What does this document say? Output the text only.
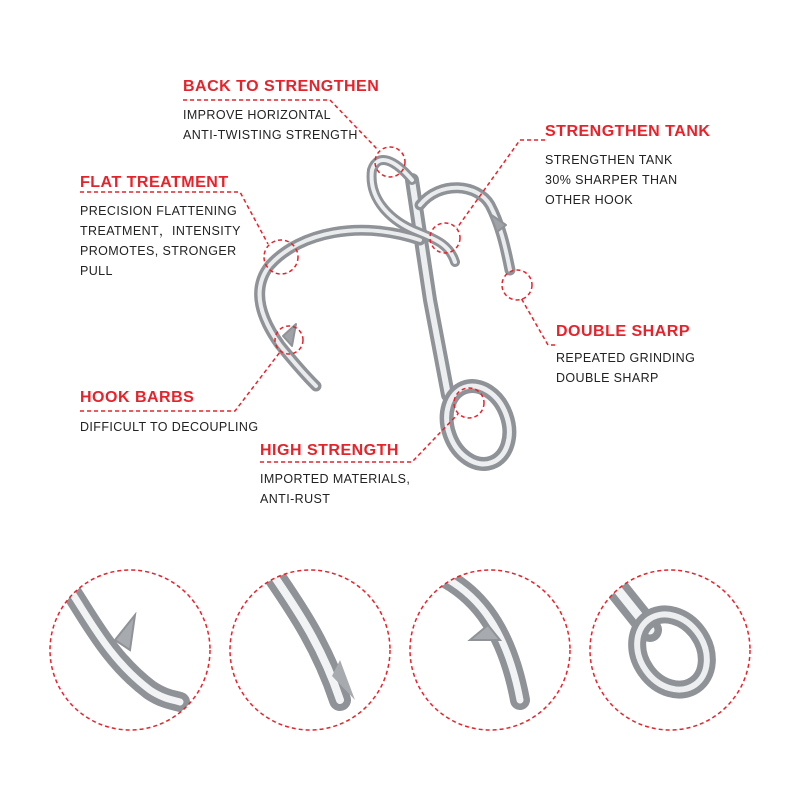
BACK TO STRENGTHEN
IMPROVE HORIZONTAL
ANTI-TWISTING STRENGTH	STRENGTHEN TANK
STRENGTHEN TANK
30% SHARPER THAN
OTHER HOOK
FLAT TREATMENT
PRECISION FLATTENING
TREATMENT，INTENSITY
PROMOTES, STRONGER
PULL
DOUBLE SHARP
REPEATED GRINDING
DOUBLE SHARP
HOOK BARBS
DIFFICULT TO DECOUPLING
HIGH STRENGTH
IMPORTED MATERIALS,
ANTI-RUST
